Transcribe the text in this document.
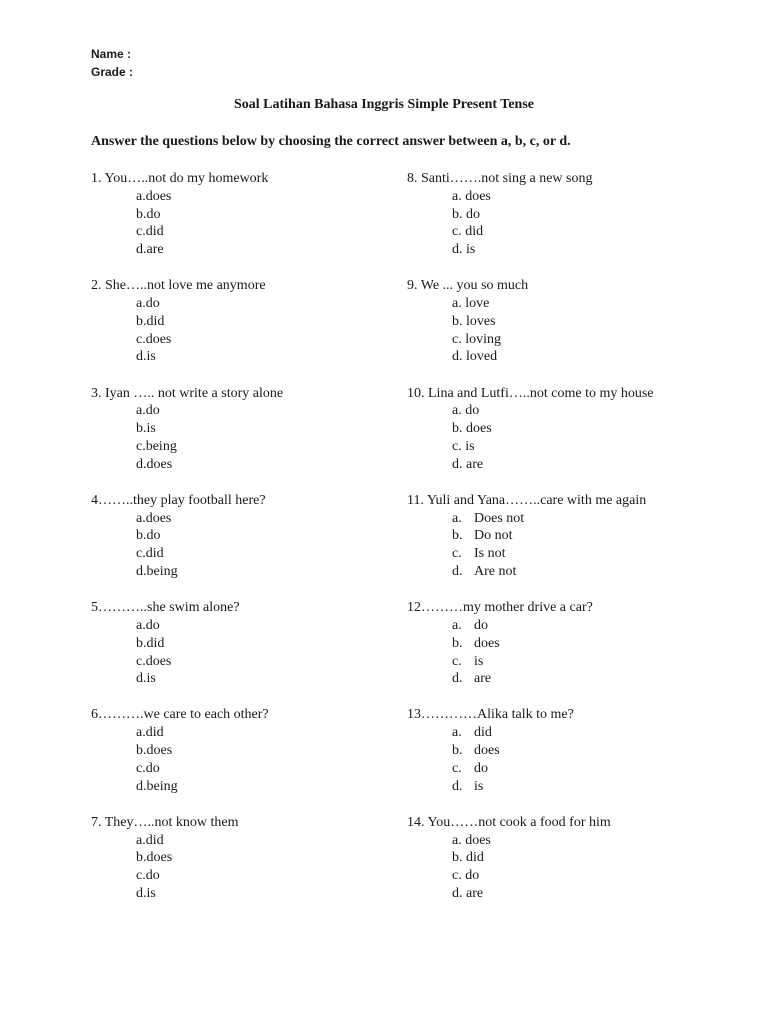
Name :
Grade :
Soal Latihan Bahasa Inggris Simple Present Tense
Answer the questions below by choosing the correct answer between a, b, c, or d.
1. You…..not do my homework
a.does
b.do
c.did
d.are
2. She…..not love me anymore
a.do
b.did
c.does
d.is
3. Iyan ….. not write a story alone
a.do
b.is
c.being
d.does
4……..they play football here?
a.does
b.do
c.did
d.being
5………..she swim alone?
a.do
b.did
c.does
d.is
6……….we care to each other?
a.did
b.does
c.do
d.being
7. They…..not know them
a.did
b.does
c.do
d.is
8. Santi…….not sing a new song
a. does
b. do
c. did
d. is
9. We ... you so much
a. love
b. loves
c. loving
d. loved
10. Lina and Lutfi…..not come to my house
a. do
b. does
c. is
d. are
11. Yuli and Yana……..care with me again
a. Does not
b. Do not
c. Is not
d. Are not
12………my mother drive a car?
a. do
b. does
c. is
d. are
13…………Alika talk to me?
a. did
b. does
c. do
d. is
14. You……not cook a food for him
a. does
b. did
c. do
d. are
